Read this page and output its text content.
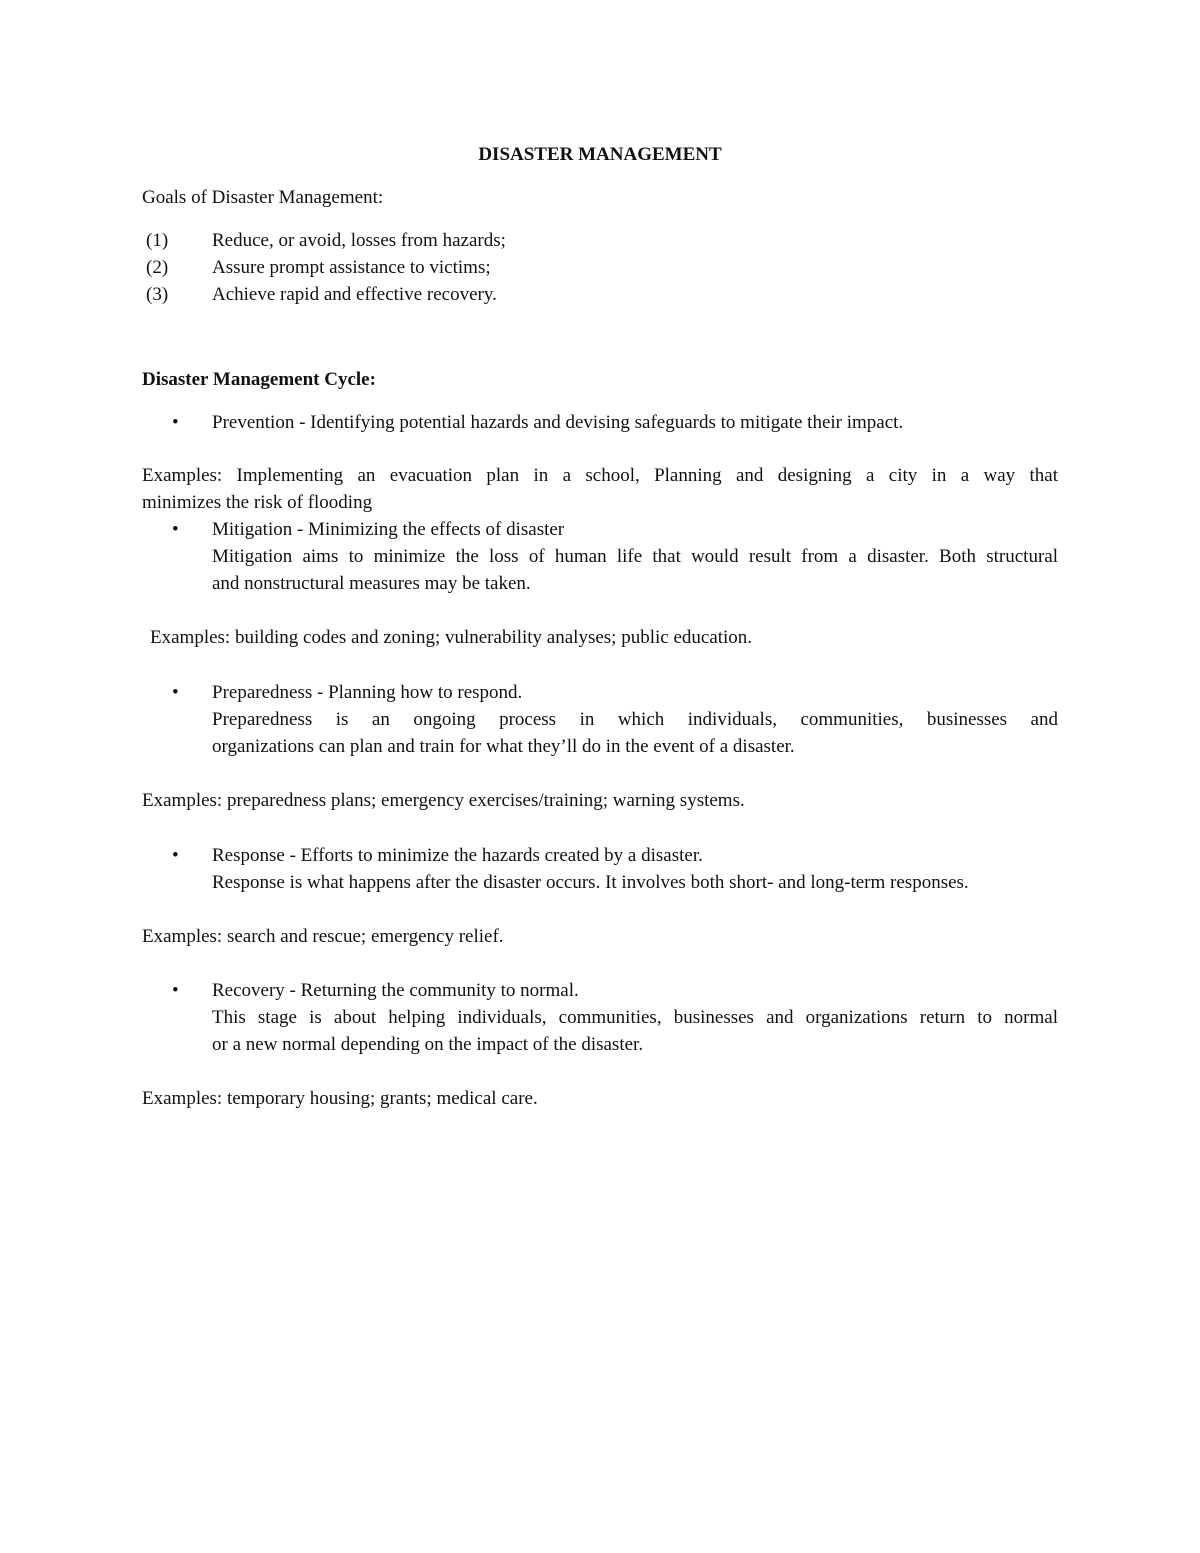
DISASTER MANAGEMENT
Goals of Disaster Management:
(1) Reduce, or avoid, losses from hazards;
(2) Assure prompt assistance to victims;
(3) Achieve rapid and effective recovery.
Disaster Management Cycle:
• Prevention - Identifying potential hazards and devising safeguards to mitigate their impact.
Examples: Implementing an evacuation plan in a school, Planning and designing a city in a way that
minimizes the risk of flooding
• Mitigation - Minimizing the effects of disaster
Mitigation aims to minimize the loss of human life that would result from a disaster. Both structural
and nonstructural measures may be taken.
Examples: building codes and zoning; vulnerability analyses; public education.
• Preparedness - Planning how to respond.
Preparedness is an ongoing process in which individuals, communities, businesses and
organizations can plan and train for what they’ll do in the event of a disaster.
Examples: preparedness plans; emergency exercises/training; warning systems.
• Response - Efforts to minimize the hazards created by a disaster.
Response is what happens after the disaster occurs. It involves both short- and long-term responses.
Examples: search and rescue; emergency relief.
• Recovery - Returning the community to normal.
This stage is about helping individuals, communities, businesses and organizations return to normal
or a new normal depending on the impact of the disaster.
Examples: temporary housing; grants; medical care.
